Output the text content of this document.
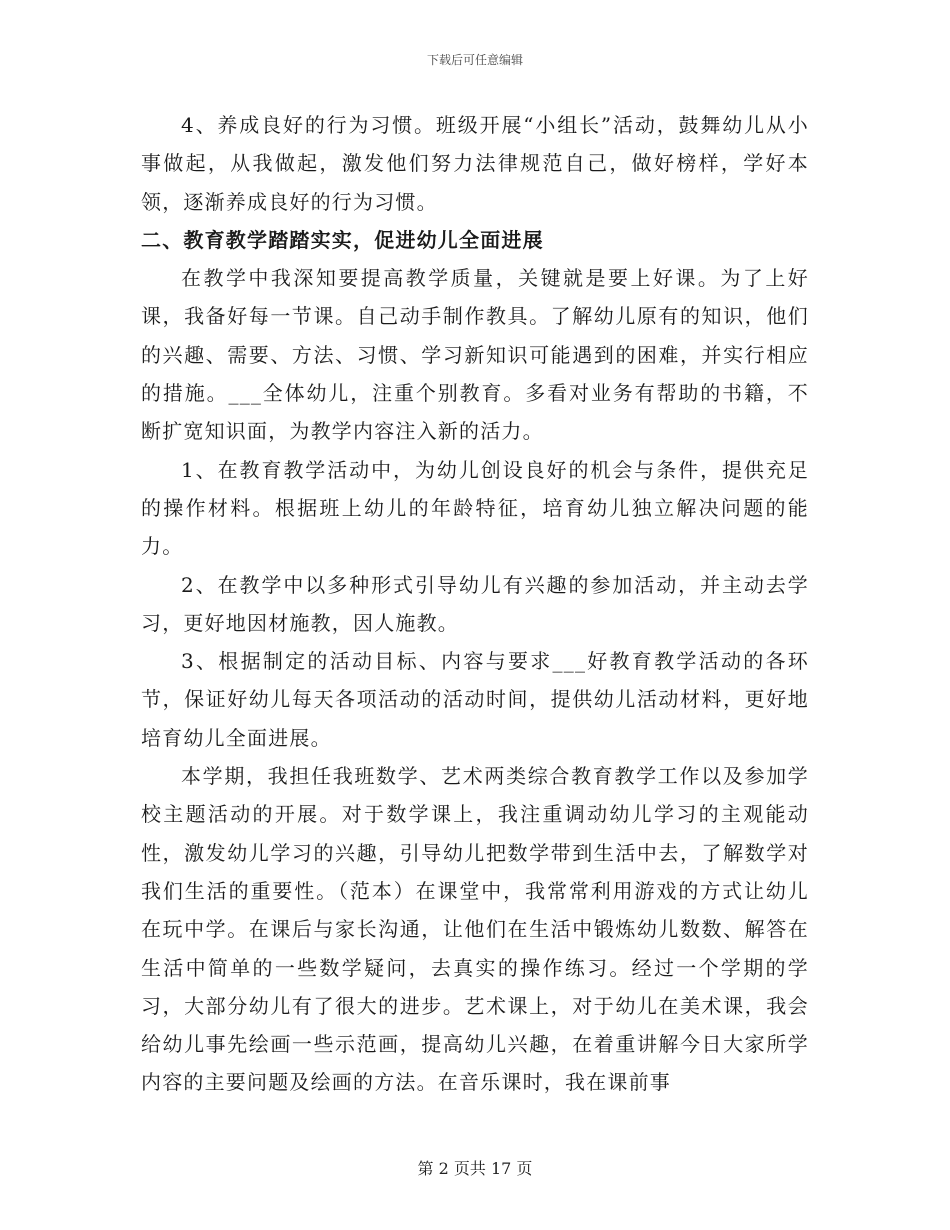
下载后可任意编辑

4、养成良好的行为习惯。班级开展“小组长”活动，鼓舞幼儿从小事做起，从我做起，激发他们努力法律规范自己，做好榜样，学好本领，逐渐养成良好的行为习惯。

二、教育教学踏踏实实，促进幼儿全面进展

在教学中我深知要提高教学质量，关键就是要上好课。为了上好课，我备好每一节课。自己动手制作教具。了解幼儿原有的知识，他们的兴趣、需要、方法、习惯、学习新知识可能遇到的困难，并实行相应的措施。___全体幼儿，注重个别教育。多看对业务有帮助的书籍，不断扩宽知识面，为教学内容注入新的活力。

1、在教育教学活动中，为幼儿创设良好的机会与条件，提供充足的操作材料。根据班上幼儿的年龄特征，培育幼儿独立解决问题的能力。

2、在教学中以多种形式引导幼儿有兴趣的参加活动，并主动去学习，更好地因材施教，因人施教。

3、根据制定的活动目标、内容与要求___好教育教学活动的各环节，保证好幼儿每天各项活动的活动时间，提供幼儿活动材料，更好地培育幼儿全面进展。

本学期，我担任我班数学、艺术两类综合教育教学工作以及参加学校主题活动的开展。对于数学课上，我注重调动幼儿学习的主观能动性，激发幼儿学习的兴趣，引导幼儿把数学带到生活中去，了解数学对我们生活的重要性。（范本）在课堂中，我常常利用游戏的方式让幼儿在玩中学。在课后与家长沟通，让他们在生活中锻炼幼儿数数、解答在生活中简单的一些数学疑问，去真实的操作练习。经过一个学期的学习，大部分幼儿有了很大的进步。艺术课上，对于幼儿在美术课，我会给幼儿事先绘画一些示范画，提高幼儿兴趣，在着重讲解今日大家所学内容的主要问题及绘画的方法。在音乐课时，我在课前事

第 2 页共 17 页
